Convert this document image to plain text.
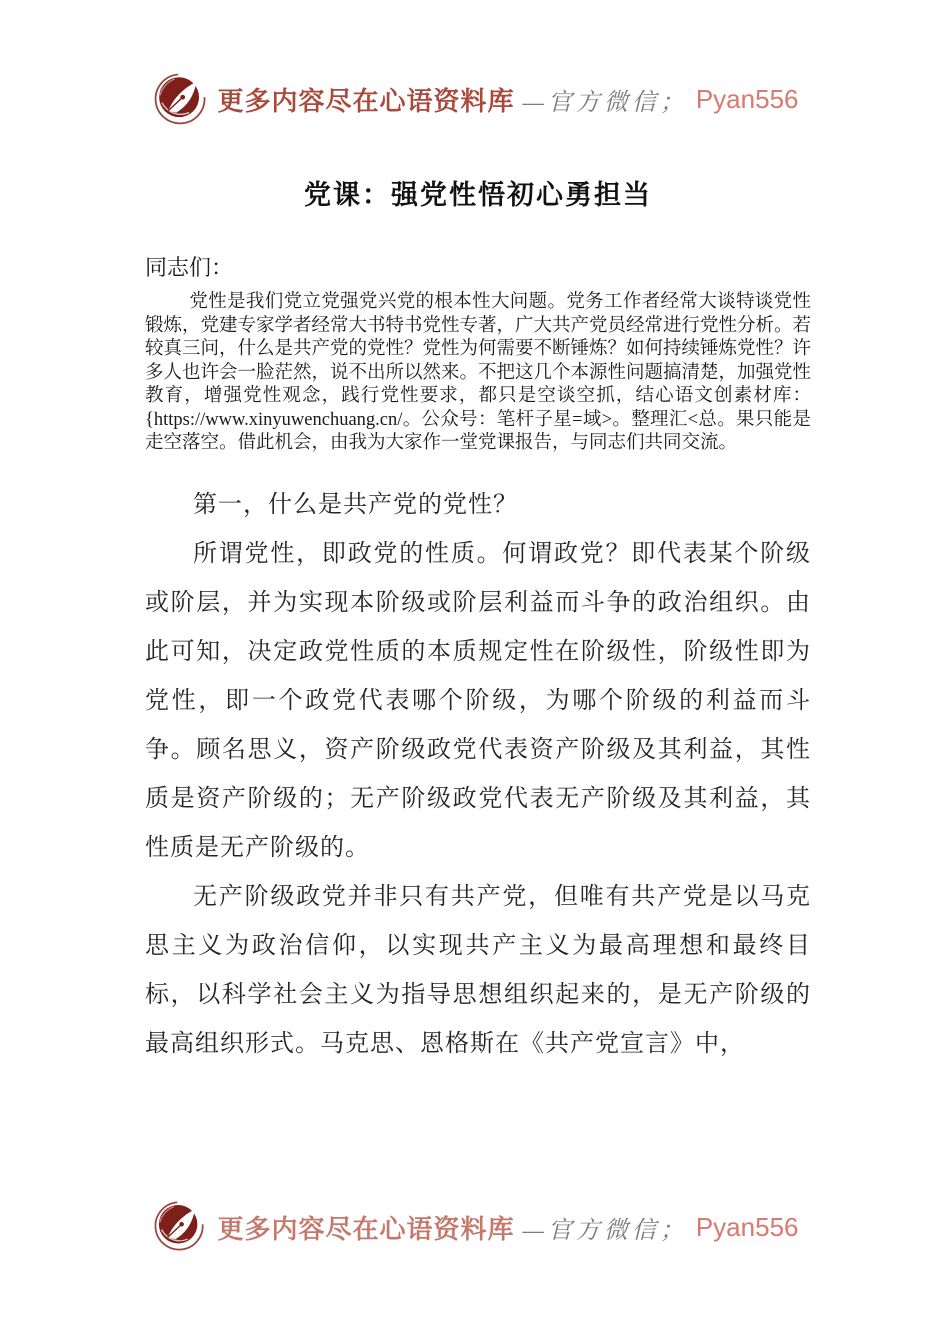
更多内容尽在心语资料库 —官方微信； Pyan556
党课：强党性悟初心勇担当
同志们：

党性是我们党立党强党兴党的根本性大问题。党务工作者经常大谈特谈党性锻炼，党建专家学者经常大书特书党性专著，广大共产党员经常进行党性分析。若较真三问，什么是共产党的党性？党性为何需要不断锤炼？如何持续锤炼党性？许多人也许会一脸茫然，说不出所以然来。不把这几个本源性问题搞清楚，加强党性教育，增强党性观念，践行党性要求，都只是空谈空抓，结心语文创素材库：{https://www.xinyuwenchuang.cn/。公众号：笔杆子星=域>。整理汇<总。果只能是走空落空。借此机会，由我为大家作一堂党课报告，与同志们共同交流。

第一，什么是共产党的党性？

所谓党性，即政党的性质。何谓政党？即代表某个阶级或阶层，并为实现本阶级或阶层利益而斗争的政治组织。由此可知，决定政党性质的本质规定性在阶级性，阶级性即为党性，即一个政党代表哪个阶级，为哪个阶级的利益而斗争。顾名思义，资产阶级政党代表资产阶级及其利益，其性质是资产阶级的；无产阶级政党代表无产阶级及其利益，其性质是无产阶级的。

无产阶级政党并非只有共产党，但唯有共产党是以马克思主义为政治信仰，以实现共产主义为最高理想和最终目标，以科学社会主义为指导思想组织起来的，是无产阶级的最高组织形式。马克思、恩格斯在《共产党宣言》中，

更多内容尽在心语资料库 —官方微信； Pyan556
